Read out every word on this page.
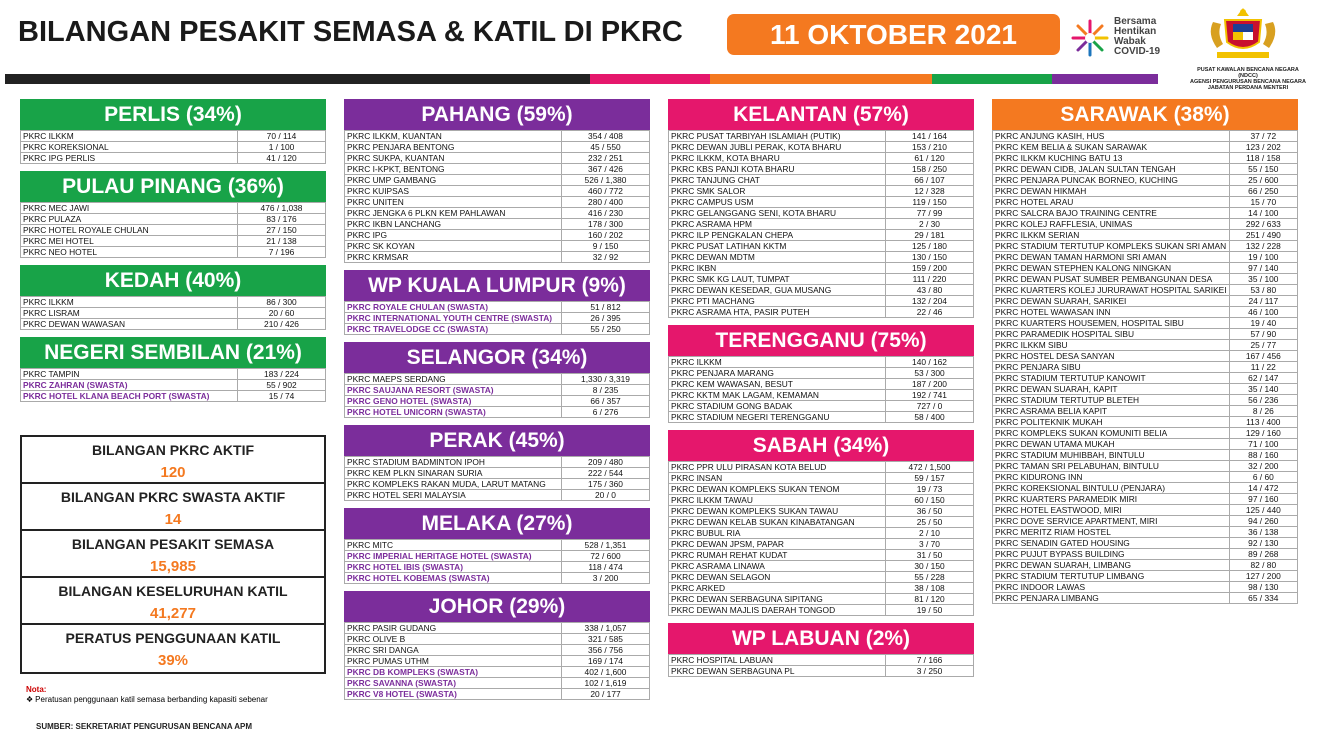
BILANGAN PESAKIT SEMASA & KATIL DI PKRC	11 OKTOBER 2021	Bersama
Hentikan
Wabak
COVID-19
PUSAT KAWALAN BENCANA NEGARA (NDCC)
AGENSI PENGURUSAN BENCANA NEGARA
JABATAN PERDANA MENTERI
PERLIS (34%)
PKRC ILKKM	70 / 114
PKRC KOREKSIONAL	1 / 100
PKRC IPG PERLIS	41 / 120
PULAU PINANG (36%)
PKRC MEC JAWI	476 / 1,038
PKRC PULAZA	83 / 176
PKRC HOTEL ROYALE CHULAN	27 / 150
PKRC MEI HOTEL	21 / 138
PKRC NEO HOTEL	7 / 196
KEDAH (40%)
PKRC ILKKM	86 / 300
PKRC LISRAM	20 / 60
PKRC DEWAN WAWASAN	210 / 426
NEGERI SEMBILAN (21%)
PKRC TAMPIN	183 / 224
PKRC ZAHRAN (SWASTA)	55 / 902
PKRC HOTEL KLANA BEACH PORT (SWASTA)	15 / 74
PAHANG (59%)
PKRC ILKKM, KUANTAN	354 / 408
PKRC PENJARA BENTONG	45 / 550
PKRC SUKPA, KUANTAN	232 / 251
PKRC I-KPKT, BENTONG	367 / 426
PKRC UMP GAMBANG	526 / 1,380
PKRC KUIPSAS	460 / 772
PKRC UNITEN	280 / 400
PKRC JENGKA 6 PLKN KEM PAHLAWAN	416 / 230
PKRC IKBN LANCHANG	178 / 300
PKRC IPG	160 / 202
PKRC SK KOYAN	9 / 150
PKRC KRMSAR	32 / 92
WP KUALA LUMPUR (9%)
PKRC ROYALE CHULAN (SWASTA)	51 / 812
PKRC INTERNATIONAL YOUTH CENTRE (SWASTA)	26 / 395
PKRC TRAVELODGE CC (SWASTA)	55 / 250
SELANGOR (34%)
PKRC MAEPS SERDANG	1,330 / 3,319
PKRC SAUJANA RESORT (SWASTA)	8 / 235
PKRC GENO HOTEL (SWASTA)	66 / 357
PKRC HOTEL UNICORN (SWASTA)	6 / 276
PERAK (45%)
PKRC STADIUM BADMINTON IPOH	209 / 480
PKRC KEM PLKN SINARAN SURIA	222 / 544
PKRC KOMPLEKS RAKAN MUDA, LARUT MATANG	175 / 360
PKRC HOTEL SERI MALAYSIA	20 / 0
MELAKA (27%)
PKRC MITC	528 / 1,351
PKRC IMPERIAL HERITAGE HOTEL (SWASTA)	72 / 600
PKRC HOTEL IBIS (SWASTA)	118 / 474
PKRC HOTEL KOBEMAS (SWASTA)	3 / 200
JOHOR (29%)
PKRC PASIR GUDANG	338 / 1,057
PKRC OLIVE B	321 / 585
PKRC SRI DANGA	356 / 756
PKRC PUMAS UTHM	169 / 174
PKRC DB KOMPLEKS (SWASTA)	402 / 1,600
PKRC SAVANNA (SWASTA)	102 / 1,619
PKRC V8 HOTEL (SWASTA)	20 / 177
KELANTAN (57%)
PKRC PUSAT TARBIYAH ISLAMIAH (PUTIK)	141 / 164
PKRC DEWAN JUBLI PERAK, KOTA BHARU	153 / 210
PKRC ILKKM, KOTA BHARU	61 / 120
PKRC KBS PANJI KOTA BHARU	158 / 250
PKRC TANJUNG CHAT	66 / 107
PKRC SMK SALOR	12 / 328
PKRC CAMPUS USM	119 / 150
PKRC GELANGGANG SENI, KOTA BHARU	77 / 99
PKRC ASRAMA HPM	2 / 30
PKRC ILP PENGKALAN CHEPA	29 / 181
PKRC PUSAT LATIHAN KKTM	125 / 180
PKRC DEWAN MDTM	130 / 150
PKRC IKBN	159 / 200
PKRC SMK KG LAUT, TUMPAT	111 / 220
PKRC DEWAN KESEDAR, GUA MUSANG	43 / 80
PKRC PTI MACHANG	132 / 204
PKRC ASRAMA HTA, PASIR PUTEH	22 / 46
TERENGGANU (75%)
PKRC ILKKM	140 / 162
PKRC PENJARA MARANG	53 / 300
PKRC KEM WAWASAN, BESUT	187 / 200
PKRC KKTM MAK LAGAM, KEMAMAN	192 / 741
PKRC STADIUM GONG BADAK	727 / 0
PKRC STADIUM NEGERI TERENGGANU	58 / 400
SABAH (34%)
PKRC PPR ULU PIRASAN KOTA BELUD	472 / 1,500
PKRC INSAN	59 / 157
PKRC DEWAN KOMPLEKS SUKAN TENOM	19 / 73
PKRC ILKKM TAWAU	60 / 150
PKRC DEWAN KOMPLEKS SUKAN TAWAU	36 / 50
PKRC DEWAN KELAB SUKAN KINABATANGAN	25 / 50
PKRC BUBUL RIA	2 / 10
PKRC DEWAN JPSM, PAPAR	3 / 70
PKRC RUMAH REHAT KUDAT	31 / 50
PKRC ASRAMA LINAWA	30 / 150
PKRC DEWAN SELAGON	55 / 228
PKRC ARKED	38 / 108
PKRC DEWAN SERBAGUNA SIPITANG	81 / 120
PKRC DEWAN MAJLIS DAERAH TONGOD	19 / 50
WP LABUAN (2%)
PKRC HOSPITAL LABUAN	7 / 166
PKRC DEWAN SERBAGUNA PL	3 / 250
SARAWAK (38%)
PKRC ANJUNG KASIH, HUS	37 / 72
PKRC KEM BELIA & SUKAN SARAWAK	123 / 202
PKRC ILKKM KUCHING BATU 13	118 / 158
PKRC DEWAN CIDB, JALAN SULTAN TENGAH	55 / 150
PKRC PENJARA PUNCAK BORNEO, KUCHING	25 / 600
PKRC DEWAN HIKMAH	66 / 250
PKRC HOTEL ARAU	15 / 70
PKRC SALCRA BAJO TRAINING CENTRE	14 / 100
PKRC KOLEJ RAFFLESIA, UNIMAS	292 / 633
PKRC ILKKM SERIAN	251 / 490
PKRC STADIUM TERTUTUP KOMPLEKS SUKAN SRI AMAN	132 / 228
PKRC DEWAN TAMAN HARMONI SRI AMAN	19 / 100
PKRC DEWAN STEPHEN KALONG NINGKAN	97 / 140
PKRC DEWAN PUSAT SUMBER PEMBANGUNAN DESA	35 / 100
PKRC KUARTERS KOLEJ JURURAWAT HOSPITAL SARIKEI	53 / 80
PKRC DEWAN SUARAH, SARIKEI	24 / 117
PKRC HOTEL WAWASAN INN	46 / 100
PKRC KUARTERS HOUSEMEN, HOSPITAL SIBU	19 / 40
PKRC PARAMEDIK HOSPITAL SIBU	57 / 90
PKRC ILKKM SIBU	25 / 77
PKRC HOSTEL DESA SANYAN	167 / 456
PKRC PENJARA SIBU	11 / 22
PKRC STADIUM TERTUTUP KANOWIT	62 / 147
PKRC DEWAN SUARAH, KAPIT	35 / 140
PKRC STADIUM TERTUTUP BLETEH	56 / 236
PKRC ASRAMA BELIA KAPIT	8 / 26
PKRC POLITEKNIK MUKAH	113 / 400
PKRC KOMPLEKS SUKAN KOMUNITI BELIA	129 / 160
PKRC DEWAN UTAMA MUKAH	71 / 100
PKRC STADIUM MUHIBBAH, BINTULU	88 / 160
PKRC TAMAN SRI PELABUHAN, BINTULU	32 / 200
PKRC KIDURONG INN	6 / 60
PKRC KOREKSIONAL BINTULU (PENJARA)	14 / 472
PKRC KUARTERS PARAMEDIK MIRI	97 / 160
PKRC HOTEL EASTWOOD, MIRI	125 / 440
PKRC DOVE SERVICE APARTMENT, MIRI	94 / 260
PKRC MERITZ RIAM HOSTEL	36 / 138
PKRC SENADIN GATED HOUSING	92 / 130
PKRC PUJUT BYPASS BUILDING	89 / 268
PKRC DEWAN SUARAH, LIMBANG	82 / 80
PKRC STADIUM TERTUTUP LIMBANG	127 / 200
PKRC INDOOR LAWAS	98 / 130
PKRC PENJARA LIMBANG	65 / 334
BILANGAN PKRC AKTIF
120
BILANGAN PKRC SWASTA AKTIF
14
BILANGAN PESAKIT SEMASA
15,985
BILANGAN KESELURUHAN KATIL
41,277
PERATUS PENGGUNAAN KATIL
39%
Nota:
❖ Peratusan penggunaan katil semasa berbanding kapasiti sebenar
SUMBER: SEKRETARIAT PENGURUSAN BENCANA APM
